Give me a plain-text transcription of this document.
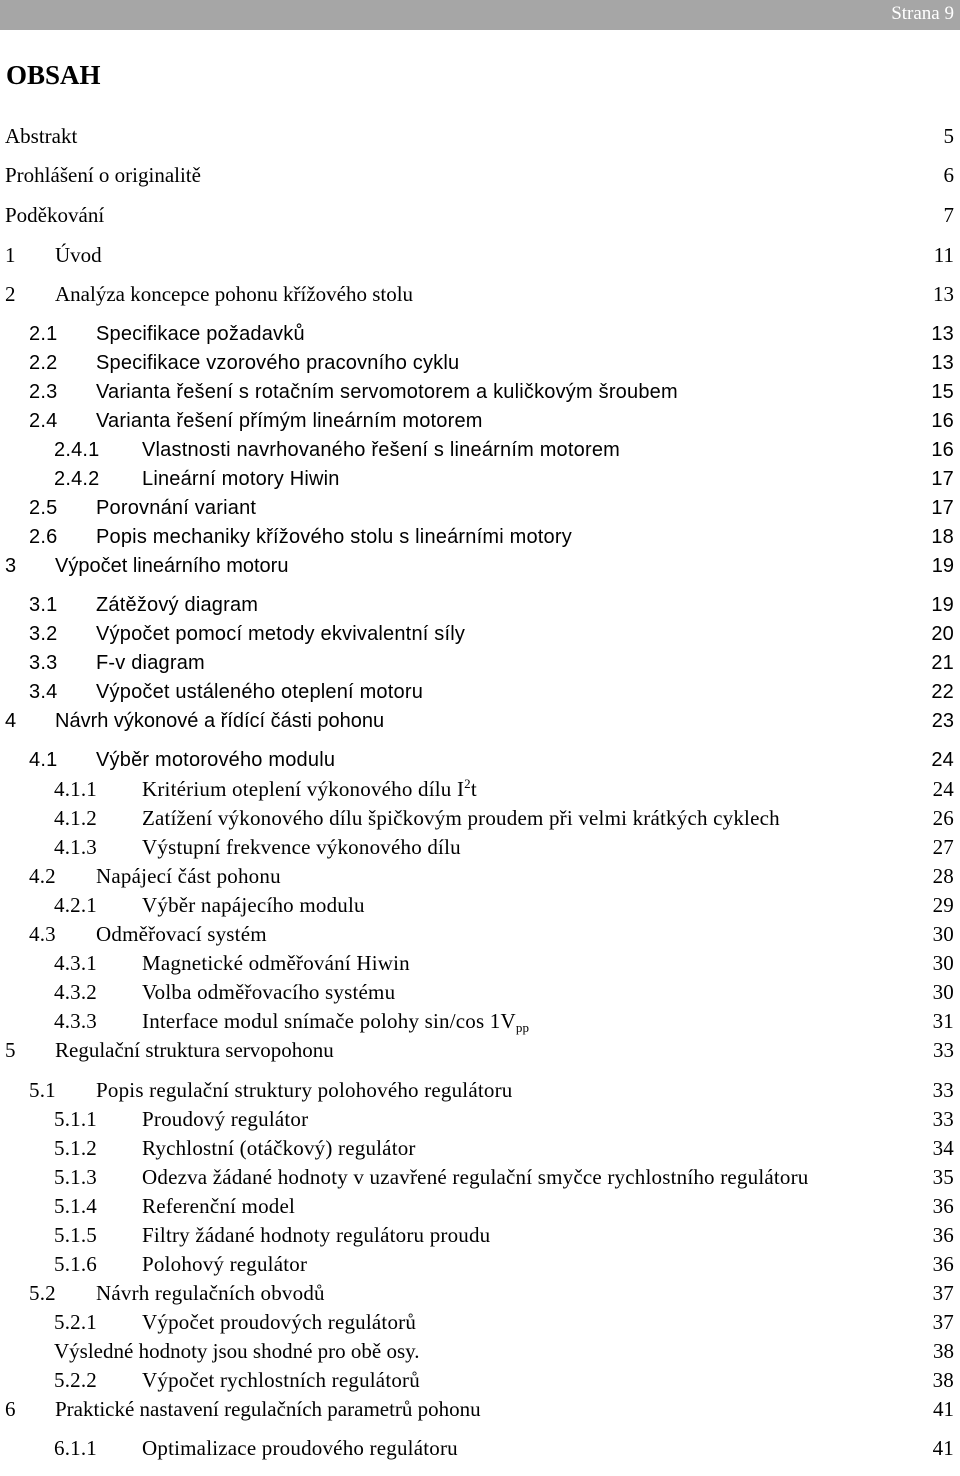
Strana 9
OBSAH
Abstrakt	5
Prohlášení o originalitě	6
Poděkování	7
1 Úvod	11
2 Analýza koncepce pohonu křížového stolu	13
2.1 Specifikace požadavků	13
2.2 Specifikace vzorového pracovního cyklu	13
2.3 Varianta řešení s rotačním servomotorem a kuličkovým šroubem	15
2.4 Varianta řešení přímým lineárním motorem	16
2.4.1 Vlastnosti navrhovaného řešení s lineárním motorem	16
2.4.2 Lineární motory Hiwin	17
2.5 Porovnání variant	17
2.6 Popis mechaniky křížového stolu s lineárními motory	18
3 Výpočet lineárního motoru	19
3.1 Zátěžový diagram	19
3.2 Výpočet pomocí metody ekvivalentní síly	20
3.3 F-v diagram	21
3.4 Výpočet ustáleného oteplení motoru	22
4 Návrh výkonové a řídící části pohonu	23
4.1 Výběr motorového modulu	24
4.1.1 Kritérium oteplení výkonového dílu $I^2t$	24
4.1.2 Zatížení výkonového dílu špičkovým proudem při velmi krátkých cyklech	26
4.1.3 Výstupní frekvence výkonového dílu	27
4.2 Napájecí část pohonu	28
4.2.1 Výběr napájecího modulu	29
4.3 Odměřovací systém	30
4.3.1 Magnetické odměřování Hiwin	30
4.3.2 Volba odměřovacího systému	30
4.3.3 Interface modul snímače polohy sin/cos $1V_{pp}$	31
5 Regulační struktura servopohonu	33
5.1 Popis regulační struktury polohového regulátoru	33
5.1.1 Proudový regulátor	33
5.1.2 Rychlostní (otáčkový) regulátor	34
5.1.3 Odezva žádané hodnoty v uzavřené regulační smyčce rychlostního regulátoru	35
5.1.4 Referenční model	36
5.1.5 Filtry žádané hodnoty regulátoru proudu	36
5.1.6 Polohový regulátor	36
5.2 Návrh regulačních obvodů	37
5.2.1 Výpočet proudových regulátorů	37
Výsledné hodnoty jsou shodné pro obě osy.	38
5.2.2 Výpočet rychlostních regulátorů	38
6 Praktické nastavení regulačních parametrů pohonu	41
6.1.1 Optimalizace proudového regulátoru	41
